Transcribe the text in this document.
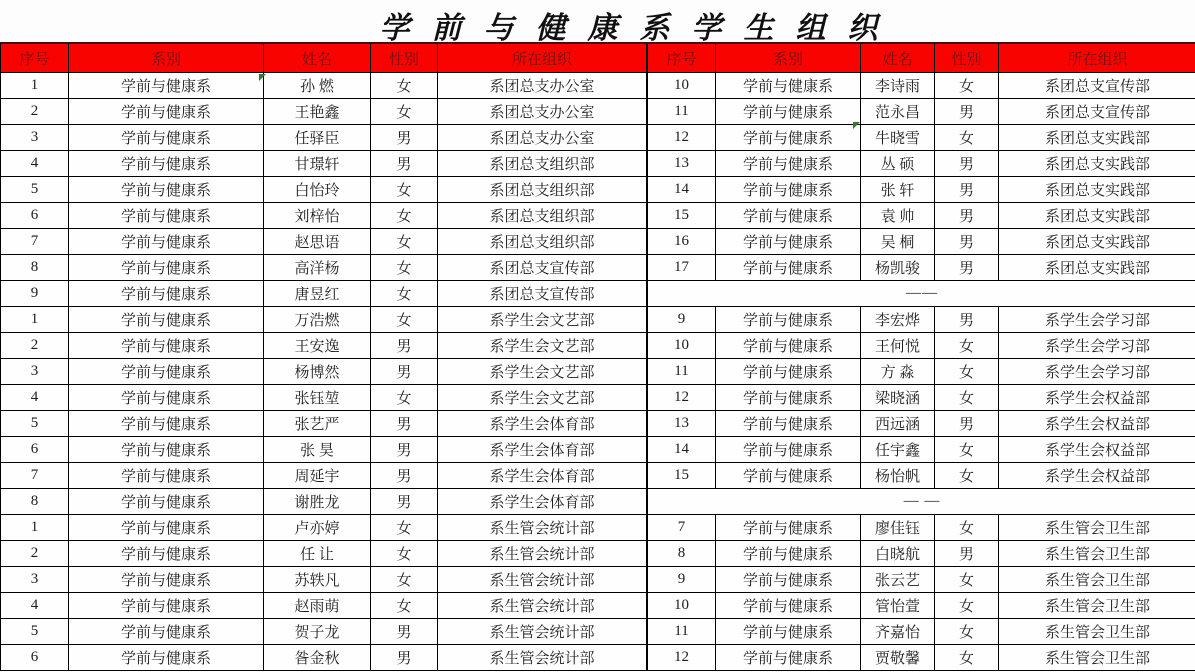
学前与健康系学生组织
序号	系别	姓名	性别	所在组织
1	学前与健康系	孙 燃	女	系团总支办公室
2	学前与健康系	王艳鑫	女	系团总支办公室
3	学前与健康系	任驿臣	男	系团总支办公室
4	学前与健康系	甘璟轩	男	系团总支组织部
5	学前与健康系	白怡玲	女	系团总支组织部
6	学前与健康系	刘梓怡	女	系团总支组织部
7	学前与健康系	赵思语	女	系团总支组织部
8	学前与健康系	高洋杨	女	系团总支宣传部
9	学前与健康系	唐昱红	女	系团总支宣传部
1	学前与健康系	万浩燃	女	系学生会文艺部
2	学前与健康系	王安逸	男	系学生会文艺部
3	学前与健康系	杨博然	男	系学生会文艺部
4	学前与健康系	张钰堃	女	系学生会文艺部
5	学前与健康系	张艺严	男	系学生会体育部
6	学前与健康系	张 昊	男	系学生会体育部
7	学前与健康系	周延宇	男	系学生会体育部
8	学前与健康系	谢胜龙	男	系学生会体育部
1	学前与健康系	卢亦婷	女	系生管会统计部
2	学前与健康系	任 让	女	系生管会统计部
3	学前与健康系	苏轶凡	女	系生管会统计部
4	学前与健康系	赵雨萌	女	系生管会统计部
5	学前与健康系	贺子龙	男	系生管会统计部
6	学前与健康系	昝金秋	男	系生管会统计部
序号	系别	姓名	性别	所在组织
10	学前与健康系	李诗雨	女	系团总支宣传部
11	学前与健康系	范永昌	男	系团总支宣传部
12	学前与健康系	牛晓雪	女	系团总支实践部
13	学前与健康系	丛 硕	男	系团总支实践部
14	学前与健康系	张 轩	男	系团总支实践部
15	学前与健康系	袁 帅	男	系团总支实践部
16	学前与健康系	吴 桐	男	系团总支实践部
17	学前与健康系	杨凯骏	男	系团总支实践部
——				
9	学前与健康系	李宏烨	男	系学生会学习部
10	学前与健康系	王何悦	女	系学生会学习部
11	学前与健康系	方 淼	女	系学生会学习部
12	学前与健康系	梁晓涵	女	系学生会权益部
13	学前与健康系	西远涵	男	系学生会权益部
14	学前与健康系	任宇鑫	女	系学生会权益部
15	学前与健康系	杨怡帆	女	系学生会权益部
— —				
7	学前与健康系	廖佳钰	女	系生管会卫生部
8	学前与健康系	白晓航	男	系生管会卫生部
9	学前与健康系	张云艺	女	系生管会卫生部
10	学前与健康系	管怡萱	女	系生管会卫生部
11	学前与健康系	齐嘉怡	女	系生管会卫生部
12	学前与健康系	贾敬馨	女	系生管会卫生部
